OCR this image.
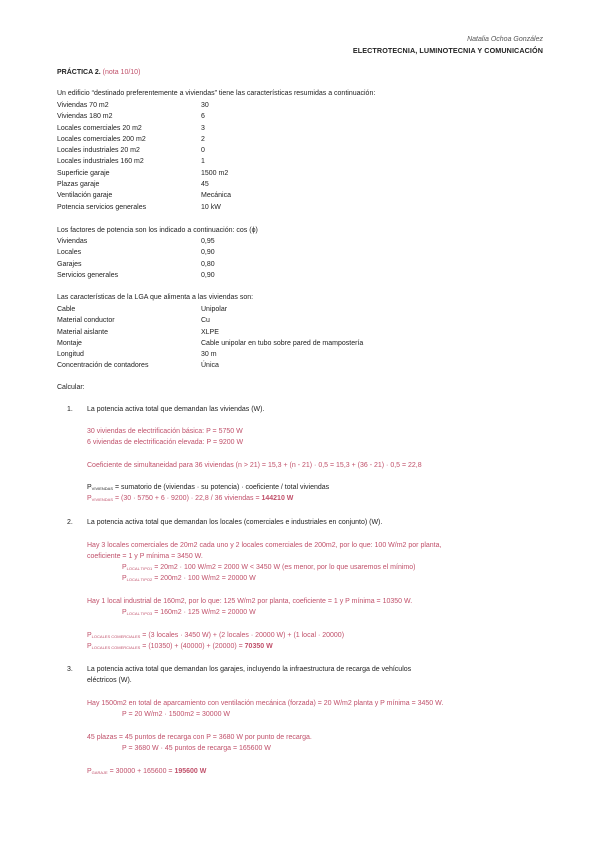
Natalia Ochoa González
ELECTROTECNIA, LUMINOTECNIA Y COMUNICACIÓN
PRÁCTICA 2. (nota 10/10)
Un edificio “destinado preferentemente a viviendas” tiene las características resumidas a continuación:
Viviendas 70 m2	30
Viviendas 180 m2	6
Locales comerciales 20 m2	3
Locales comerciales 200 m2	2
Locales industriales 20 m2	0
Locales industriales 160 m2	1
Superficie garaje	1500 m2
Plazas garaje	45
Ventilación garaje	Mecánica
Potencia servicios generales	10 kW
Los factores de potencia son los indicado a continuación: cos (ϕ)
Viviendas	0,95
Locales	0,90
Garajes	0,80
Servicios generales	0,90
Las características de la LGA que alimenta a las viviendas son:
Cable	Unipolar
Material conductor	Cu
Material aislante	XLPE
Montaje	Cable unipolar en tubo sobre pared de mampostería
Longitud	30 m
Concentración de contadores	Única
Calcular:
1. La potencia activa total que demandan las viviendas (W).
30 viviendas de electrificación básica: P = 5750 W
6 viviendas de electrificación elevada: P = 9200 W
Coeficiente de simultaneidad para 36 viviendas (n > 21) = 15,3 + (n - 21) · 0,5 = 15,3 + (36 - 21) · 0,5 = 22,8
$P_{VIVIENDAS}$ = sumatorio de (viviendas · su potencia) · coeficiente / total viviendas
$P_{VIVIENDAS} = (30 \cdot 5750 + 6 \cdot 9200) \cdot 22,8 / 36$ viviendas = 144210 W
2. La potencia activa total que demandan los locales (comerciales e industriales en conjunto) (W).
Hay 3 locales comerciales de 20m2 cada uno y 2 locales comerciales de 200m2, por lo que: 100 W/m2 por planta,
coeficiente = 1 y P mínima = 3450 W.
$P_{LOCAL TIPO1} = 20m2 \cdot 100$ W/m2 = 2000 W < 3450 W (es menor, por lo que usaremos el mínimo)
$P_{LOCAL TIPO2} = 200m2 \cdot 100$ W/m2 = 20000 W
Hay 1 local industrial de 160m2, por lo que: 125 W/m2 por planta, coeficiente = 1 y P mínima = 10350 W.
$P_{LOCAL TIPO3} = 160m2 \cdot 125$ W/m2 = 20000 W
$P_{LOCALES COMERCIALES} = (3$ locales · 3450 W) + (2 locales · 20000 W) + (1 local · 20000)
$P_{LOCALES COMERCIALES} = (10350) + (40000) + (20000) = 70350$ W
3. La potencia activa total que demandan los garajes, incluyendo la infraestructura de recarga de vehículos
eléctricos (W).
Hay 1500m2 en total de aparcamiento con ventilación mecánica (forzada) = 20 W/m2 planta y P mínima = 3450 W.
P = 20 W/m2 · 1500m2 = 30000 W
45 plazas = 45 puntos de recarga con P = 3680 W por punto de recarga.
P = 3680 W · 45 puntos de recarga = 165600 W
$P_{GARAJE} = 30000 + 165600 = 195600$ W
